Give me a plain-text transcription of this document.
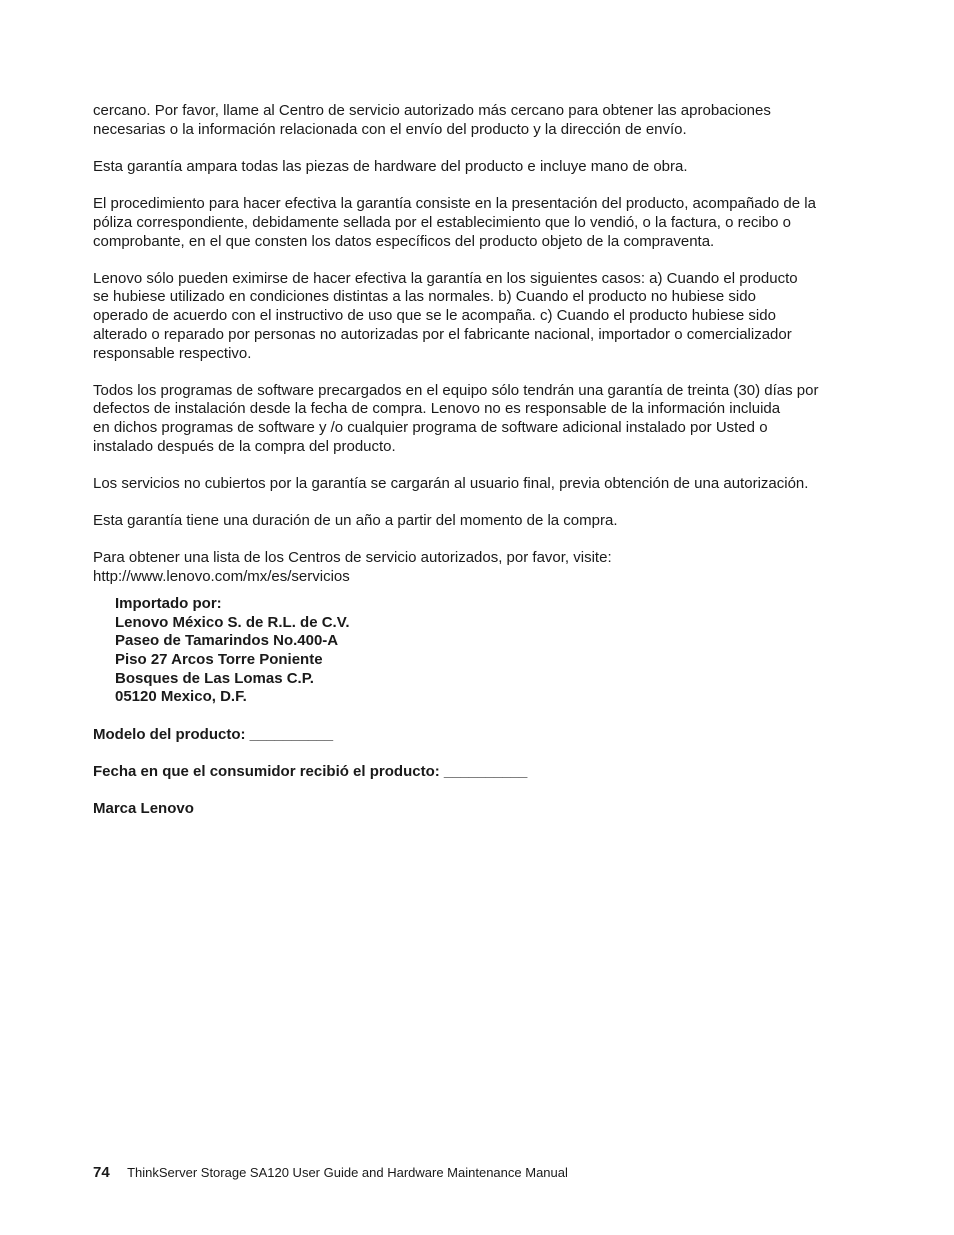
cercano. Por favor, llame al Centro de servicio autorizado más cercano para obtener las aprobaciones
necesarias o la información relacionada con el envío del producto y la dirección de envío.

Esta garantía ampara todas las piezas de hardware del producto e incluye mano de obra.

El procedimiento para hacer efectiva la garantía consiste en la presentación del producto, acompañado de la
póliza correspondiente, debidamente sellada por el establecimiento que lo vendió, o la factura, o recibo o
comprobante, en el que consten los datos específicos del producto objeto de la compraventa.

Lenovo sólo pueden eximirse de hacer efectiva la garantía en los siguientes casos: a) Cuando el producto
se hubiese utilizado en condiciones distintas a las normales. b) Cuando el producto no hubiese sido
operado de acuerdo con el instructivo de uso que se le acompaña. c) Cuando el producto hubiese sido
alterado o reparado por personas no autorizadas por el fabricante nacional, importador o comercializador
responsable respectivo.

Todos los programas de software precargados en el equipo sólo tendrán una garantía de treinta (30) días por
defectos de instalación desde la fecha de compra. Lenovo no es responsable de la información incluida
en dichos programas de software y /o cualquier programa de software adicional instalado por Usted o
instalado después de la compra del producto.

Los servicios no cubiertos por la garantía se cargarán al usuario final, previa obtención de una autorización.

Esta garantía tiene una duración de un año a partir del momento de la compra.

Para obtener una lista de los Centros de servicio autorizados, por favor, visite:
http://www.lenovo.com/mx/es/servicios

Importado por:
Lenovo México S. de R.L. de C.V.
Paseo de Tamarindos No.400-A
Piso 27 Arcos Torre Poniente
Bosques de Las Lomas C.P.
05120 Mexico, D.F.
Modelo del producto: __________
Fecha en que el consumidor recibió el producto: __________
Marca Lenovo
74 ThinkServer Storage SA120 User Guide and Hardware Maintenance Manual
